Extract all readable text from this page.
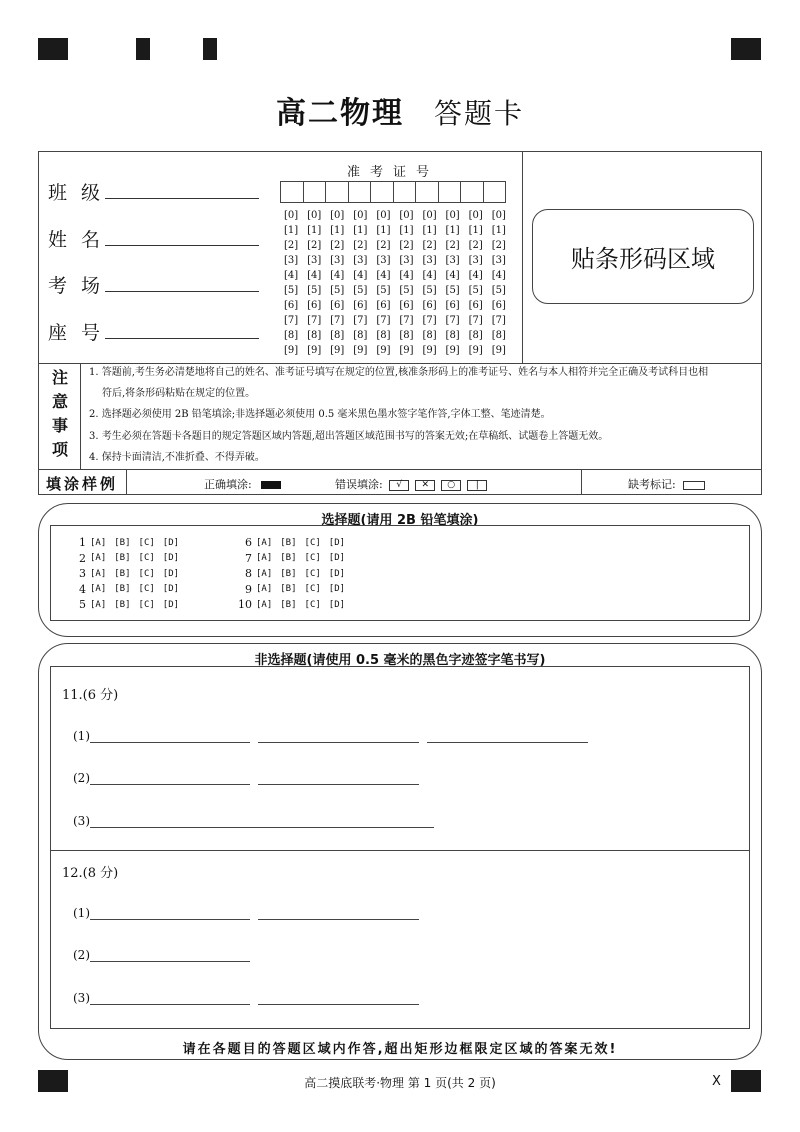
高二物理 答题卡
班级
姓名
考场
座号
准考证号
[0] [0] [0] [0] [0] [0] [0] [0] [0] [0]
[1] [1] [1] [1] [1] [1] [1] [1] [1] [1]
[2] [2] [2] [2] [2] [2] [2] [2] [2] [2]
[3] [3] [3] [3] [3] [3] [3] [3] [3] [3]
[4] [4] [4] [4] [4] [4] [4] [4] [4] [4]
[5] [5] [5] [5] [5] [5] [5] [5] [5] [5]
[6] [6] [6] [6] [6] [6] [6] [6] [6] [6]
[7] [7] [7] [7] [7] [7] [7] [7] [7] [7]
[8] [8] [8] [8] [8] [8] [8] [8] [8] [8]
[9] [9] [9] [9] [9] [9] [9] [9] [9] [9]
贴条形码区域
注
意
事
项
1. 答题前,考生务必清楚地将自己的姓名、准考证号填写在规定的位置,核准条形码上的准考证号、姓名与本人相符并完全正确及考试科目也相
符后,将条形码粘贴在规定的位置。
2. 选择题必须使用 2B 铅笔填涂;非选择题必须使用 0.5 毫米黑色墨水签字笔作答,字体工整、笔迹清楚。
3. 考生必须在答题卡各题目的规定答题区域内答题,超出答题区域范围书写的答案无效;在草稿纸、试题卷上答题无效。
4. 保持卡面清洁,不准折叠、不得弄破。
填涂样例	正确填涂:	错误填涂: √ ✕ ○ |	缺考标记:
选择题(请用 2B 铅笔填涂)
1 [A] [B] [C] [D]
2 [A] [B] [C] [D]
3 [A] [B] [C] [D]
4 [A] [B] [C] [D]
5 [A] [B] [C] [D]
6 [A] [B] [C] [D]
7 [A] [B] [C] [D]
8 [A] [B] [C] [D]
9 [A] [B] [C] [D]
10 [A] [B] [C] [D]
非选择题(请使用 0.5 毫米的黑色字迹签字笔书写)
11.(6 分)
(1)
(2)
(3)
12.(8 分)
(1)
(2)
(3)
请在各题目的答题区域内作答,超出矩形边框限定区域的答案无效!
高二摸底联考·物理 第 1 页(共 2 页)	X
